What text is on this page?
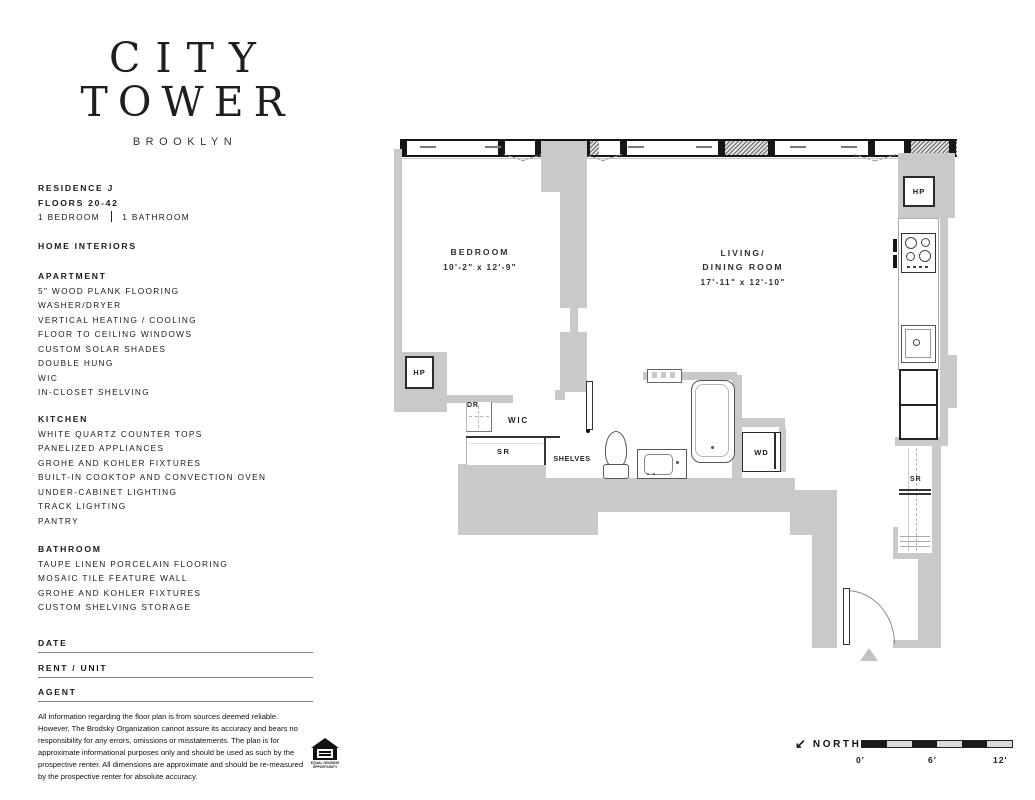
CITY
TOWER
BROOKLYN
RESIDENCE J
FLOORS 20-42
1 BEDROOM	1 BATHROOM
HOME INTERIORS
APARTMENT
5" WOOD PLANK FLOORING
WASHER/DRYER
VERTICAL HEATING / COOLING
FLOOR TO CEILING WINDOWS
CUSTOM SOLAR SHADES
DOUBLE HUNG
WIC
IN-CLOSET SHELVING
KITCHEN
WHITE QUARTZ COUNTER TOPS
PANELIZED APPLIANCES
GROHE AND KOHLER FIXTURES
BUILT-IN COOKTOP AND CONVECTION OVEN
UNDER-CABINET LIGHTING
TRACK LIGHTING
PANTRY
BATHROOM
TAUPE LINEN PORCELAIN FLOORING
MOSAIC TILE FEATURE WALL
GROHE AND KOHLER FIXTURES
CUSTOM SHELVING STORAGE
DATE
RENT / UNIT
AGENT
All information regarding the floor plan is from sources deemed reliable. However, The Brodsky Organization cannot assure its accuracy and bears no responsibility for any errors, omissions or misstatements. The plan is for approximate informational purposes only and should be used as such by the prospective renter. All dimensions are approximate and should be re-measured by the prospective renter for absolute accuracy.
EQUAL HOUSING
OPPORTUNITY
BEDROOM
10'-2" x 12'-9"
LIVING/
DINING ROOM
17'-11" x 12'-10"
HP
HP
DR
WIC
SR
SHELVES
WD
SR
↙ NORTH
0'	6'	12'
